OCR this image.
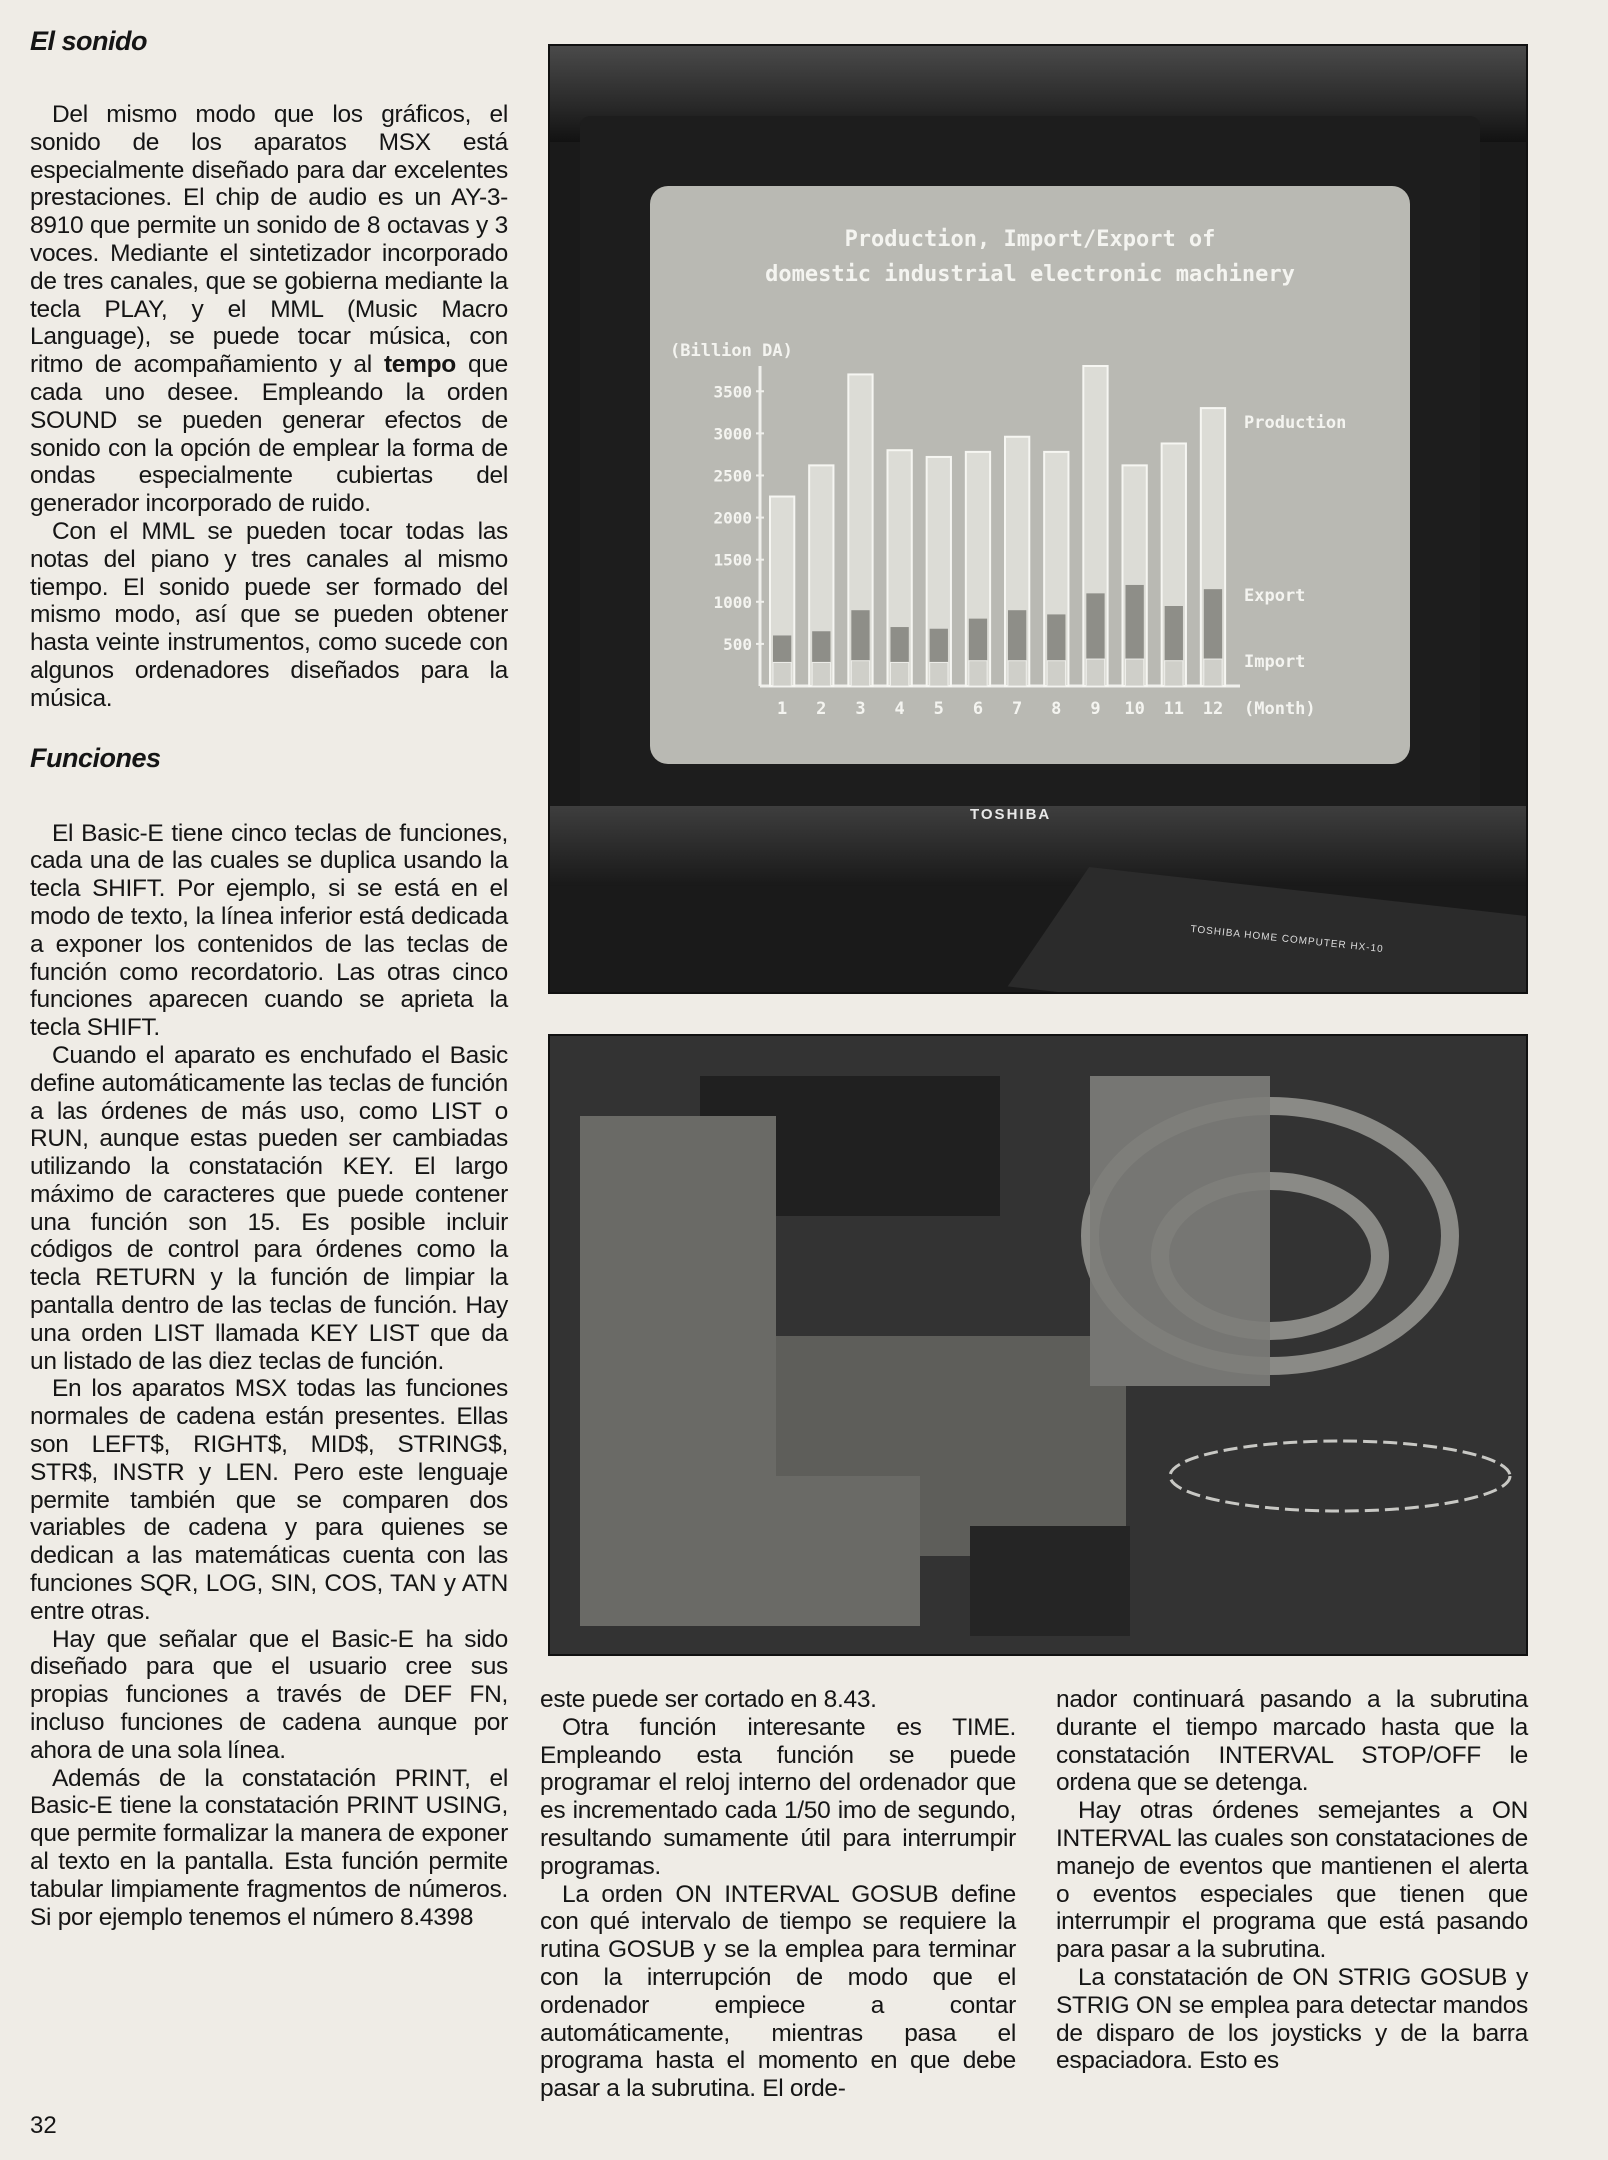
El sonido

Del mismo modo que los gráficos, el sonido de los aparatos MSX está especialmente diseñado para dar excelentes prestaciones. El chip de audio es un AY-3-8910 que permite un sonido de 8 octavas y 3 voces. Mediante el sintetizador incorporado de tres canales, que se gobierna mediante la tecla PLAY, y el MML (Music Macro Language), se puede tocar música, con ritmo de acompañamiento y al tempo que cada uno desee. Empleando la orden SOUND se pueden generar efectos de sonido con la opción de emplear la forma de ondas especialmente cubiertas del generador incorporado de ruido.

Con el MML se pueden tocar todas las notas del piano y tres canales al mismo tiempo. El sonido puede ser formado del mismo modo, así que se pueden obtener hasta veinte instrumentos, como sucede con algunos ordenadores diseñados para la música.

Funciones

El Basic-E tiene cinco teclas de funciones, cada una de las cuales se duplica usando la tecla SHIFT. Por ejemplo, si se está en el modo de texto, la línea inferior está dedicada a exponer los contenidos de las teclas de función como recordatorio. Las otras cinco funciones aparecen cuando se aprieta la tecla SHIFT.

Cuando el aparato es enchufado el Basic define automáticamente las teclas de función a las órdenes de más uso, como LIST o RUN, aunque estas pueden ser cambiadas utilizando la constatación KEY. El largo máximo de caracteres que puede contener una función son 15. Es posible incluir códigos de control para órdenes como la tecla RETURN y la función de limpiar la pantalla dentro de las teclas de función. Hay una orden LIST llamada KEY LIST que da un listado de las diez teclas de función.

En los aparatos MSX todas las funciones normales de cadena están presentes. Ellas son LEFT$, RIGHT$, MID$, STRING$, STR$, INSTR y LEN. Pero este lenguaje permite también que se comparen dos variables de cadena y para quienes se dedican a las matemáticas cuenta con las funciones SQR, LOG, SIN, COS, TAN y ATN entre otras.

Hay que señalar que el Basic-E ha sido diseñado para que el usuario cree sus propias funciones a través de DEF FN, incluso funciones de cadena aunque por ahora de una sola línea.

Además de la constatación PRINT, el Basic-E tiene la constatación PRINT USING, que permite formalizar la manera de exponer al texto en la pantalla. Esta función permite tabular limpiamente fragmentos de números. Si por ejemplo tenemos el número 8.4398

Production, Import/Export of
domestic industrial electronic machinery
(Billion DA)
3500
3000
2500
2000
1500
1000
500
1 2 3 4 5 6 7 8 9 10 11 12 (Month)
Production
Export
Import
TOSHIBA
TOSHIBA HOME COMPUTER HX-10

este puede ser cortado en 8.43.

Otra función interesante es TIME. Empleando esta función se puede programar el reloj interno del ordenador que es incrementado cada 1/50 imo de segundo, resultando sumamente útil para interrumpir programas.

La orden ON INTERVAL GOSUB define con qué intervalo de tiempo se requiere la rutina GOSUB y se la emplea para terminar con la interrupción de modo que el ordenador empiece a contar automáticamente, mientras pasa el programa hasta el momento en que debe pasar a la subrutina. El orde-

nador continuará pasando a la subrutina durante el tiempo marcado hasta que la constatación INTERVAL STOP/OFF le ordena que se detenga.

Hay otras órdenes semejantes a ON INTERVAL las cuales son constataciones de manejo de eventos que mantienen el alerta o eventos especiales que tienen que interrumpir el programa que está pasando para pasar a la subrutina.

La constatación de ON STRIG GOSUB y STRIG ON se emplea para detectar mandos de disparo de los joysticks y de la barra espaciadora. Esto es

32
